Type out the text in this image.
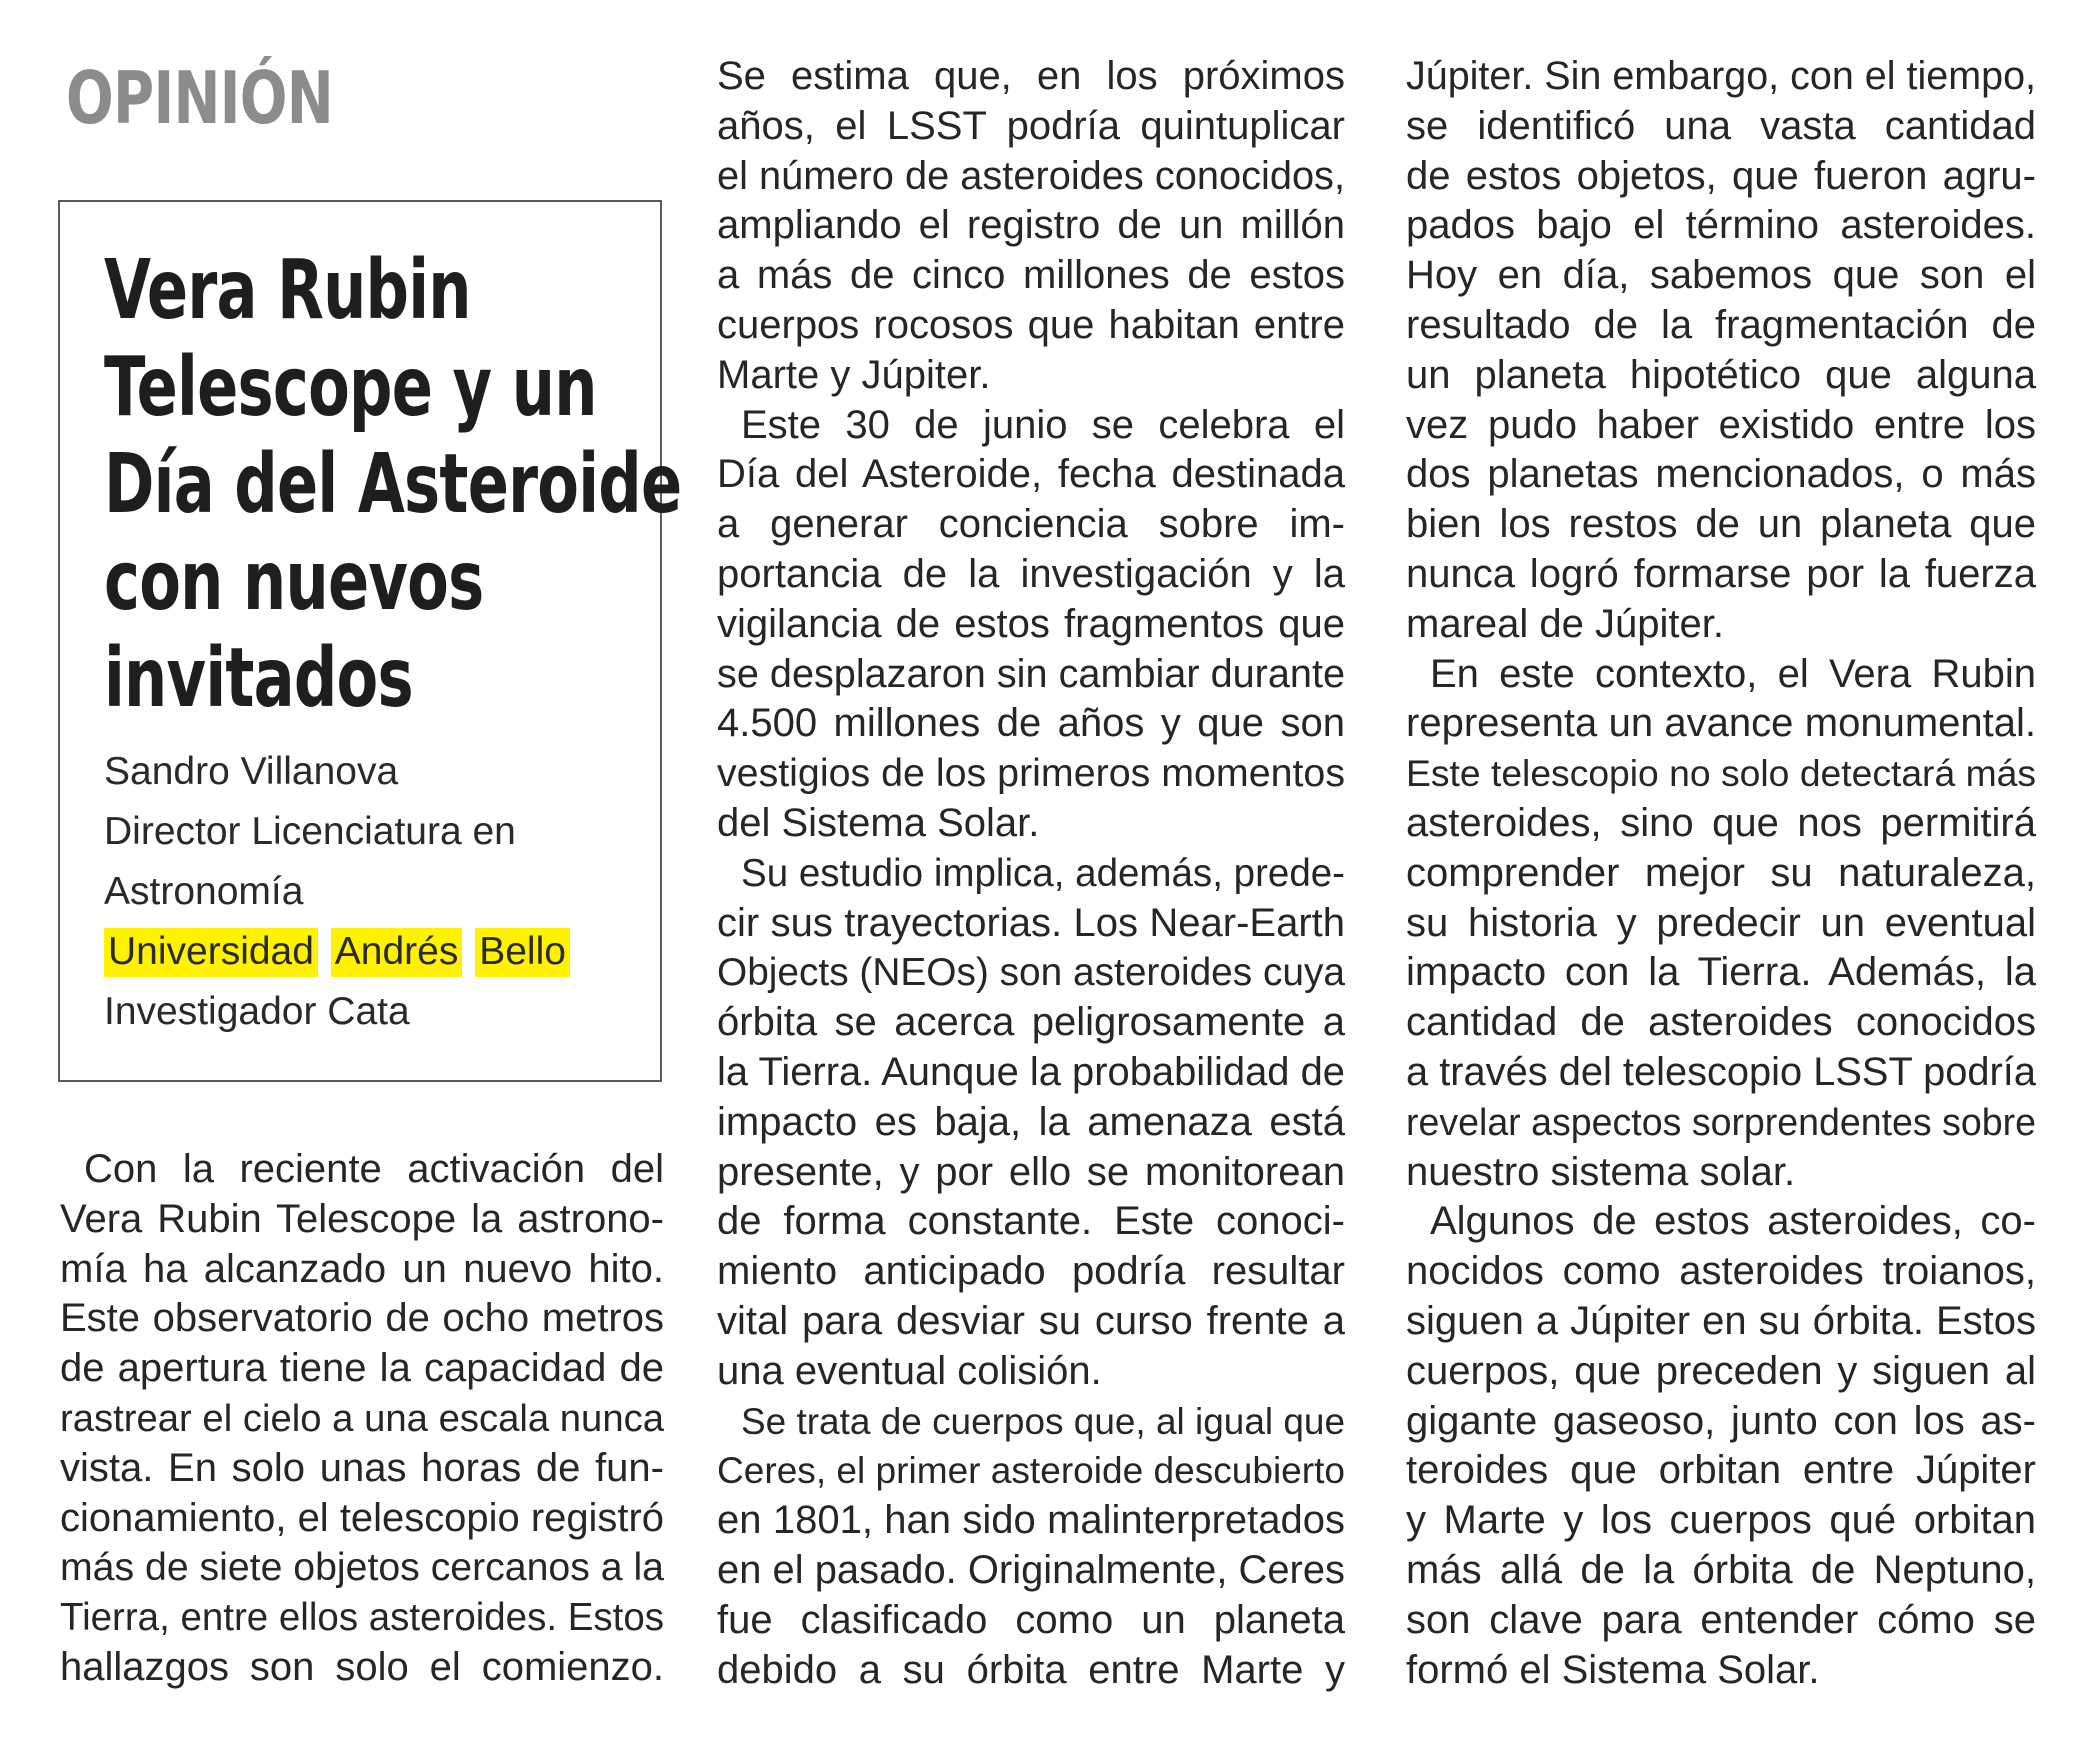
OPINIÓN
Vera Rubin
Telescope y un
Día del Asteroide
con nuevos
invitados
Sandro Villanova
Director Licenciatura en
Astronomía
Universidad Andrés Bello
Investigador Cata
Con la reciente activación del
Vera Rubin Telescope la astrono-
mía ha alcanzado un nuevo hito.
Este observatorio de ocho metros
de apertura tiene la capacidad de
rastrear el cielo a una escala nunca
vista. En solo unas horas de fun-
cionamiento, el telescopio registró
más de siete objetos cercanos a la
Tierra, entre ellos asteroides. Estos
hallazgos son solo el comienzo.
Se estima que, en los próximos
años, el LSST podría quintuplicar
el número de asteroides conocidos,
ampliando el registro de un millón
a más de cinco millones de estos
cuerpos rocosos que habitan entre
Marte y Júpiter.
Este 30 de junio se celebra el
Día del Asteroide, fecha destinada
a generar conciencia sobre im-
portancia de la investigación y la
vigilancia de estos fragmentos que
se desplazaron sin cambiar durante
4.500 millones de años y que son
vestigios de los primeros momentos
del Sistema Solar.
Su estudio implica, además, prede-
cir sus trayectorias. Los Near-Earth
Objects (NEOs) son asteroides cuya
órbita se acerca peligrosamente a
la Tierra. Aunque la probabilidad de
impacto es baja, la amenaza está
presente, y por ello se monitorean
de forma constante. Este conoci-
miento anticipado podría resultar
vital para desviar su curso frente a
una eventual colisión.
Se trata de cuerpos que, al igual que
Ceres, el primer asteroide descubierto
en 1801, han sido malinterpretados
en el pasado. Originalmente, Ceres
fue clasificado como un planeta
debido a su órbita entre Marte y
Júpiter. Sin embargo, con el tiempo,
se identificó una vasta cantidad
de estos objetos, que fueron agru-
pados bajo el término asteroides.
Hoy en día, sabemos que son el
resultado de la fragmentación de
un planeta hipotético que alguna
vez pudo haber existido entre los
dos planetas mencionados, o más
bien los restos de un planeta que
nunca logró formarse por la fuerza
mareal de Júpiter.
En este contexto, el Vera Rubin
representa un avance monumental.
Este telescopio no solo detectará más
asteroides, sino que nos permitirá
comprender mejor su naturaleza,
su historia y predecir un eventual
impacto con la Tierra. Además, la
cantidad de asteroides conocidos
a través del telescopio LSST podría
revelar aspectos sorprendentes sobre
nuestro sistema solar.
Algunos de estos asteroides, co-
nocidos como asteroides troianos,
siguen a Júpiter en su órbita. Estos
cuerpos, que preceden y siguen al
gigante gaseoso, junto con los as-
teroides que orbitan entre Júpiter
y Marte y los cuerpos qué orbitan
más allá de la órbita de Neptuno,
son clave para entender cómo se
formó el Sistema Solar.
